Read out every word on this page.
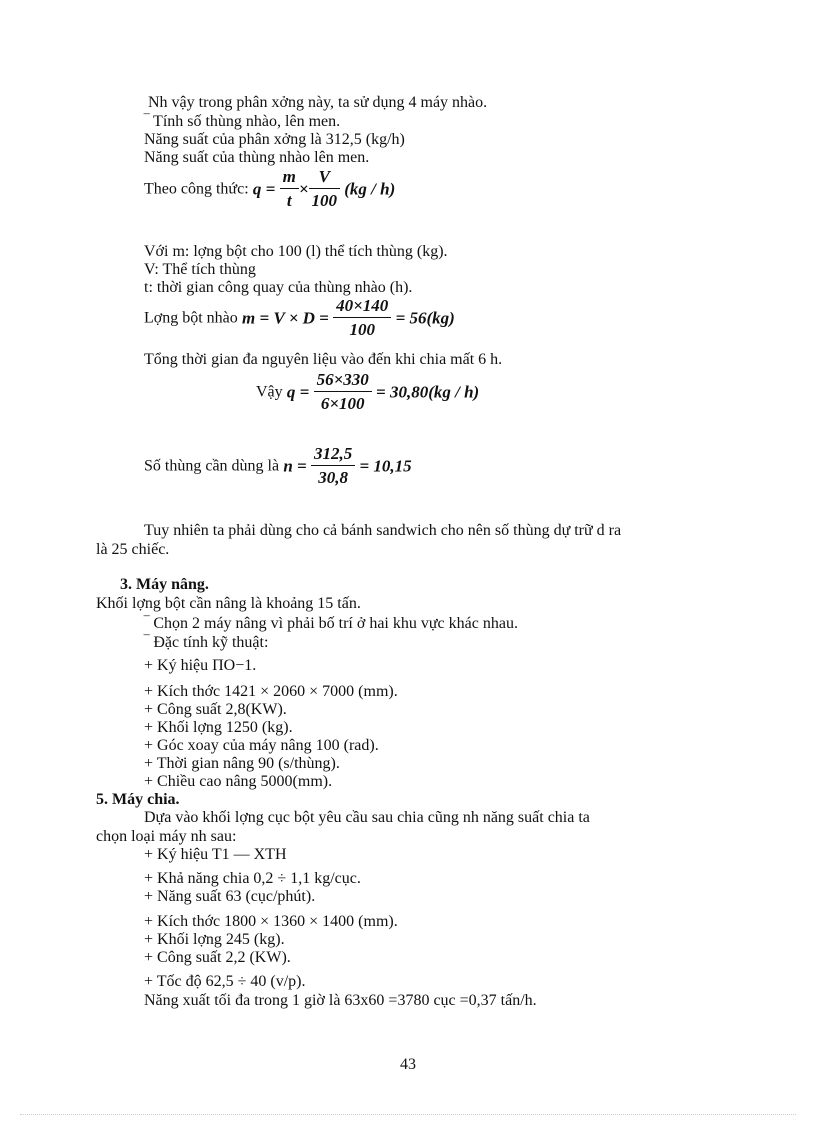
Nh vậy trong phân xởng này, ta sử dụng 4 máy nhào.
‾ Tính số thùng nhào, lên men.
Năng suất của phân xởng là 312,5 (kg/h)
Năng suất của thùng nhào lên men.
Theo công thức: $q = \frac{m}{t} \times \frac{V}{100} (kg / h)$
Với m: lợng bột cho 100 (l) thể tích thùng (kg).
V: Thể tích thùng
t: thời gian công quay của thùng nhào (h).
Lợng bột nhào $m = V \times D = \frac{40\times 140}{100} = 56(kg)$
Tổng thời gian đa nguyên liệu vào đến khi chia mất 6 h.
Vậy $q = \frac{56\times 330}{6\times 100} = 30,80(kg / h)$
Số thùng cần dùng là $n = \frac{312,5}{30,8} = 10,15$
Tuy nhiên ta phải dùng cho cả bánh sandwich cho nên số thùng dự trữ d ra
là 25 chiếc.
3. Máy nâng.
Khối lợng bột cần nâng là khoảng 15 tấn.
‾ Chọn 2 máy nâng vì phải bố trí ở hai khu vực khác nhau.
‾ Đặc tính kỹ thuật:
+ Ký hiệu ПО−1.
+ Kích thớc 1421 × 2060 × 7000 (mm).
+ Công suất 2,8(KW).
+ Khối lợng 1250 (kg).
+ Góc xoay của máy nâng 100 (rad).
+ Thời gian nâng 90 (s/thùng).
+ Chiều cao nâng 5000(mm).
5. Máy chia.
Dựa vào khối lợng cục bột yêu cầu sau chia cũng nh năng suất chia ta
chọn loại máy nh sau:
+ Ký hiệu T1 — XTH
+ Khả năng chia 0,2 ÷ 1,1 kg/cục.
+ Năng suất 63 (cục/phút).
+ Kích thớc 1800 × 1360 × 1400 (mm).
+ Khối lợng 245 (kg).
+ Công suất 2,2 (KW).
+ Tốc độ 62,5 ÷ 40 (v/p).
Năng xuất tối đa trong 1 giờ là 63x60 =3780 cục =0,37 tấn/h.
43
